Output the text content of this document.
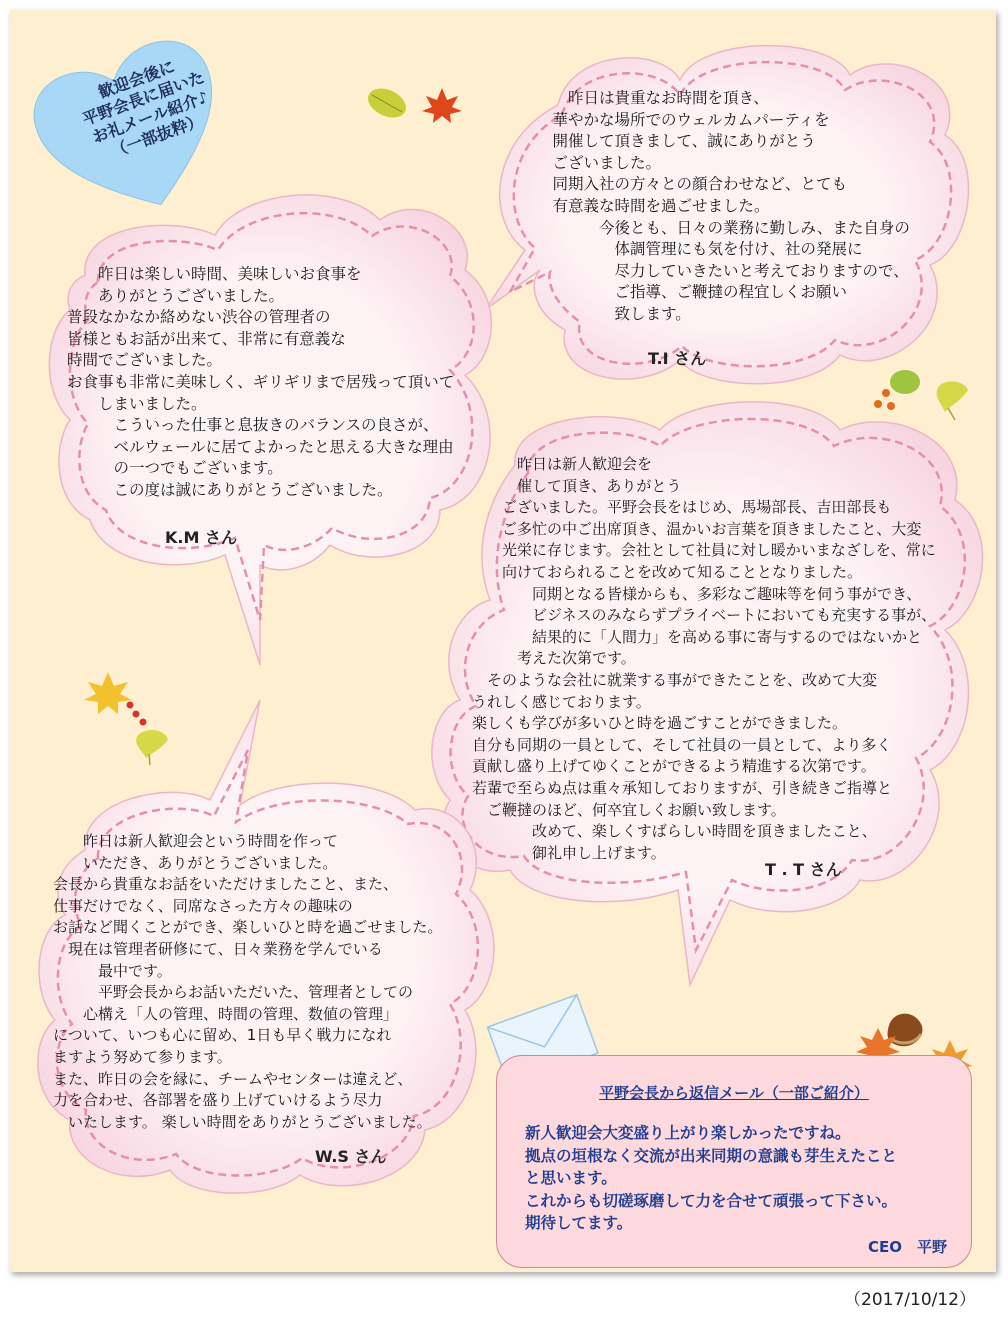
歓迎会後に
平野会長に届いた
お礼メール紹介♪
（一部抜粋）
　　昨日は貴重なお時間を頂き、
　華やかな場所でのウェルカムパーティを
　開催して頂きまして、誠にありがとう
　ございました。
　同期入社の方々との顔合わせなど、とても
　有意義な時間を過ごせました。
　　　　今後とも、日々の業務に勤しみ、また自身の
　　　　　体調管理にも気を付け、社の発展に
　　　　　尽力していきたいと考えておりますので、
　　　　　ご指導、ご鞭撻の程宜しくお願い
　　　　　致します。
T.I さん
　　昨日は楽しい時間、美味しいお食事を
　　ありがとうございました。
普段なかなか絡めない渋谷の管理者の
皆様ともお話が出来て、非常に有意義な
時間でございました。
お食事も非常に美味しく、ギリギリまで居残って頂いて
　　しまいました。
　　　こういった仕事と息抜きのバランスの良さが、
　　　ベルウェールに居てよかったと思える大きな理由
　　　の一つでもございます。
　　　この度は誠にありがとうございました。
K.M さん
　　　昨日は新人歓迎会を
　　　催して頂き、ありがとう
　　ございました。平野会長をはじめ、馬場部長、吉田部長も
　　ご多忙の中ご出席頂き、温かいお言葉を頂きましたこと、大変
　　光栄に存じます。会社として社員に対し暖かいまなざしを、常に
　　向けておられることを改めて知ることとなりました。
　　　　同期となる皆様からも、多彩なご趣味等を伺う事ができ、
　　　　ビジネスのみならずプライベートにおいても充実する事が、
　　　　結果的に「人間力」を高める事に寄与するのではないかと
　　　考えた次第です。
　そのような会社に就業する事ができたことを、改めて大変
うれしく感じております。
楽しくも学びが多いひと時を過ごすことができました。
自分も同期の一員として、そして社員の一員として、より多く
貢献し盛り上げてゆくことができるよう精進する次第です。
若輩で至らぬ点は重々承知しておりますが、引き続きご指導と
　ご鞭撻のほど、何卒宜しくお願い致します。
　　　　改めて、楽しくすばらしい時間を頂きましたこと、
　　　　御礼申し上げます。
T . T さん
　　昨日は新人歓迎会という時間を作って
　　いただき、ありがとうございました。
会長から貴重なお話をいただけましたこと、また、
仕事だけでなく、同席なさった方々の趣味の
お話など聞くことができ、楽しいひと時を過ごせました。
　現在は管理者研修にて、日々業務を学んでいる
　　　最中です。
　　　平野会長からお話いただいた、管理者としての
　　心構え「人の管理、時間の管理、数値の管理」
について、いつも心に留め、1日も早く戦力になれ
ますよう努めて参ります。
また、昨日の会を縁に、チームやセンターは違えど、
力を合わせ、各部署を盛り上げていけるよう尽力
　いたします。 楽しい時間をありがとうございました。
W.S さん
平野会長から返信メール（一部ご紹介）
新人歓迎会大変盛り上がり楽しかったですね。
拠点の垣根なく交流が出来同期の意識も芽生えたこと
と思います。
これからも切磋琢磨して力を合せて頑張って下さい。
期待してます。
CEO　平野
（2017/10/12）
